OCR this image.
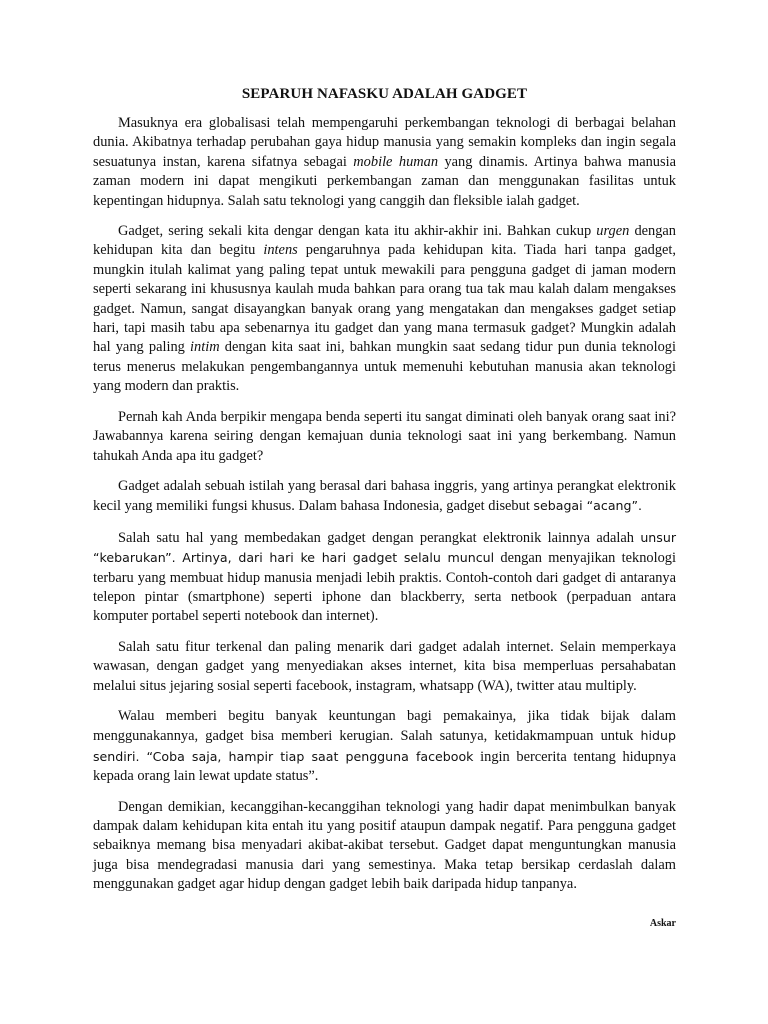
SEPARUH NAFASKU ADALAH GADGET

Masuknya era globalisasi telah mempengaruhi perkembangan teknologi di berbagai belahan dunia. Akibatnya terhadap perubahan gaya hidup manusia yang semakin kompleks dan ingin segala sesuatunya instan, karena sifatnya sebagai mobile human yang dinamis. Artinya bahwa manusia zaman modern ini dapat mengikuti perkembangan zaman dan menggunakan fasilitas untuk kepentingan hidupnya. Salah satu teknologi yang canggih dan fleksible ialah gadget.

Gadget, sering sekali kita dengar dengan kata itu akhir-akhir ini. Bahkan cukup urgen dengan kehidupan kita dan begitu intens pengaruhnya pada kehidupan kita. Tiada hari tanpa gadget, mungkin itulah kalimat yang paling tepat untuk mewakili para pengguna gadget di jaman modern seperti sekarang ini khususnya kaulah muda bahkan para orang tua tak mau kalah dalam mengakses gadget. Namun, sangat disayangkan banyak orang yang mengatakan dan mengakses gadget setiap hari, tapi masih tabu apa sebenarnya itu gadget dan yang mana termasuk gadget? Mungkin adalah hal yang paling intim dengan kita saat ini, bahkan mungkin saat sedang tidur pun dunia teknologi terus menerus melakukan pengembangannya untuk memenuhi kebutuhan manusia akan teknologi yang modern dan praktis.

Pernah kah Anda berpikir mengapa benda seperti itu sangat diminati oleh banyak orang saat ini? Jawabannya karena seiring dengan kemajuan dunia teknologi saat ini yang berkembang. Namun tahukah Anda apa itu gadget?

Gadget adalah sebuah istilah yang berasal dari bahasa inggris, yang artinya perangkat elektronik kecil yang memiliki fungsi khusus. Dalam bahasa Indonesia, gadget disebut sebagai “acang”.

Salah satu hal yang membedakan gadget dengan perangkat elektronik lainnya adalah unsur “kebarukan”. Artinya, dari hari ke hari gadget selalu muncul dengan menyajikan teknologi terbaru yang membuat hidup manusia menjadi lebih praktis. Contoh-contoh dari gadget di antaranya telepon pintar (smartphone) seperti iphone dan blackberry, serta netbook (perpaduan antara komputer portabel seperti notebook dan internet).

Salah satu fitur terkenal dan paling menarik dari gadget adalah internet. Selain memperkaya wawasan, dengan gadget yang menyediakan akses internet, kita bisa memperluas persahabatan melalui situs jejaring sosial seperti facebook, instagram, whatsapp (WA), twitter atau multiply.

Walau memberi begitu banyak keuntungan bagi pemakainya, jika tidak bijak dalam menggunakannya, gadget bisa memberi kerugian. Salah satunya, ketidakmampuan untuk hidup sendiri. “Coba saja, hampir tiap saat pengguna facebook ingin bercerita tentang hidupnya kepada orang lain lewat update status”.

Dengan demikian, kecanggihan-kecanggihan teknologi yang hadir dapat menimbulkan banyak dampak dalam kehidupan kita entah itu yang positif ataupun dampak negatif. Para pengguna gadget sebaiknya memang bisa menyadari akibat-akibat tersebut. Gadget dapat menguntungkan manusia juga bisa mendegradasi manusia dari yang semestinya. Maka tetap bersikap cerdaslah dalam menggunakan gadget agar hidup dengan gadget lebih baik daripada hidup tanpanya.

Askar
